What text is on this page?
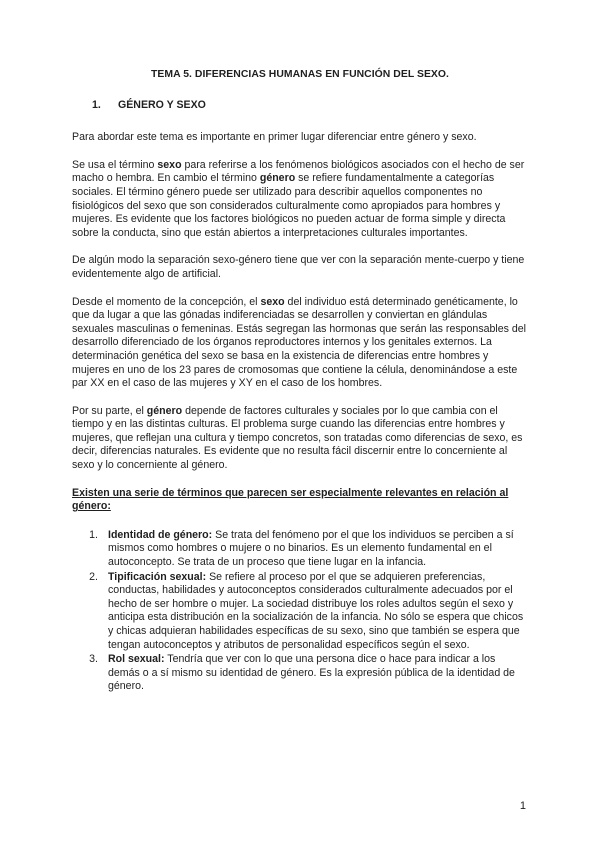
TEMA 5. DIFERENCIAS HUMANAS EN FUNCIÓN DEL SEXO.
1.	GÉNERO Y SEXO

Para abordar este tema es importante en primer lugar diferenciar entre género y sexo.

Se usa el término sexo para referirse a los fenómenos biológicos asociados con el hecho de ser macho o hembra. En cambio el término género se refiere fundamentalmente a categorías sociales. El término género puede ser utilizado para describir aquellos componentes no fisiológicos del sexo que son considerados culturalmente como apropiados para hombres y mujeres. Es evidente que los factores biológicos no pueden actuar de forma simple y directa sobre la conducta, sino que están abiertos a interpretaciones culturales importantes.

De algún modo la separación sexo-género tiene que ver con la separación mente-cuerpo y tiene evidentemente algo de artificial.

Desde el momento de la concepción, el sexo del individuo está determinado genéticamente, lo que da lugar a que las gónadas indiferenciadas se desarrollen y conviertan en glándulas sexuales masculinas o femeninas. Estás segregan las hormonas que serán las responsables del desarrollo diferenciado de los órganos reproductores internos y los genitales externos. La determinación genética del sexo se basa en la existencia de diferencias entre hombres y mujeres en uno de los 23 pares de cromosomas que contiene la célula, denominándose a este par XX en el caso de las mujeres y XY en el caso de los hombres.

Por su parte, el género depende de factores culturales y sociales por lo que cambia con el tiempo y en las distintas culturas. El problema surge cuando las diferencias entre hombres y mujeres, que reflejan una cultura y tiempo concretos, son tratadas como diferencias de sexo, es decir, diferencias naturales. Es evidente que no resulta fácil discernir entre lo concerniente al sexo y lo concerniente al género.

Existen una serie de términos que parecen ser especialmente relevantes en relación al género:
1. Identidad de género: Se trata del fenómeno por el que los individuos se perciben a sí mismos como hombres o mujere o no binarios. Es un elemento fundamental en el autoconcepto. Se trata de un proceso que tiene lugar en la infancia.
2. Tipificación sexual: Se refiere al proceso por el que se adquieren preferencias, conductas, habilidades y autoconceptos considerados culturalmente adecuados por el hecho de ser hombre o mujer. La sociedad distribuye los roles adultos según el sexo y anticipa esta distribución en la socialización de la infancia. No sólo se espera que chicos y chicas adquieran habilidades específicas de su sexo, sino que también se espera que tengan autoconceptos y atributos de personalidad específicos según el sexo.
3. Rol sexual: Tendría que ver con lo que una persona dice o hace para indicar a los demás o a sí mismo su identidad de género. Es la expresión pública de la identidad de género.
1
